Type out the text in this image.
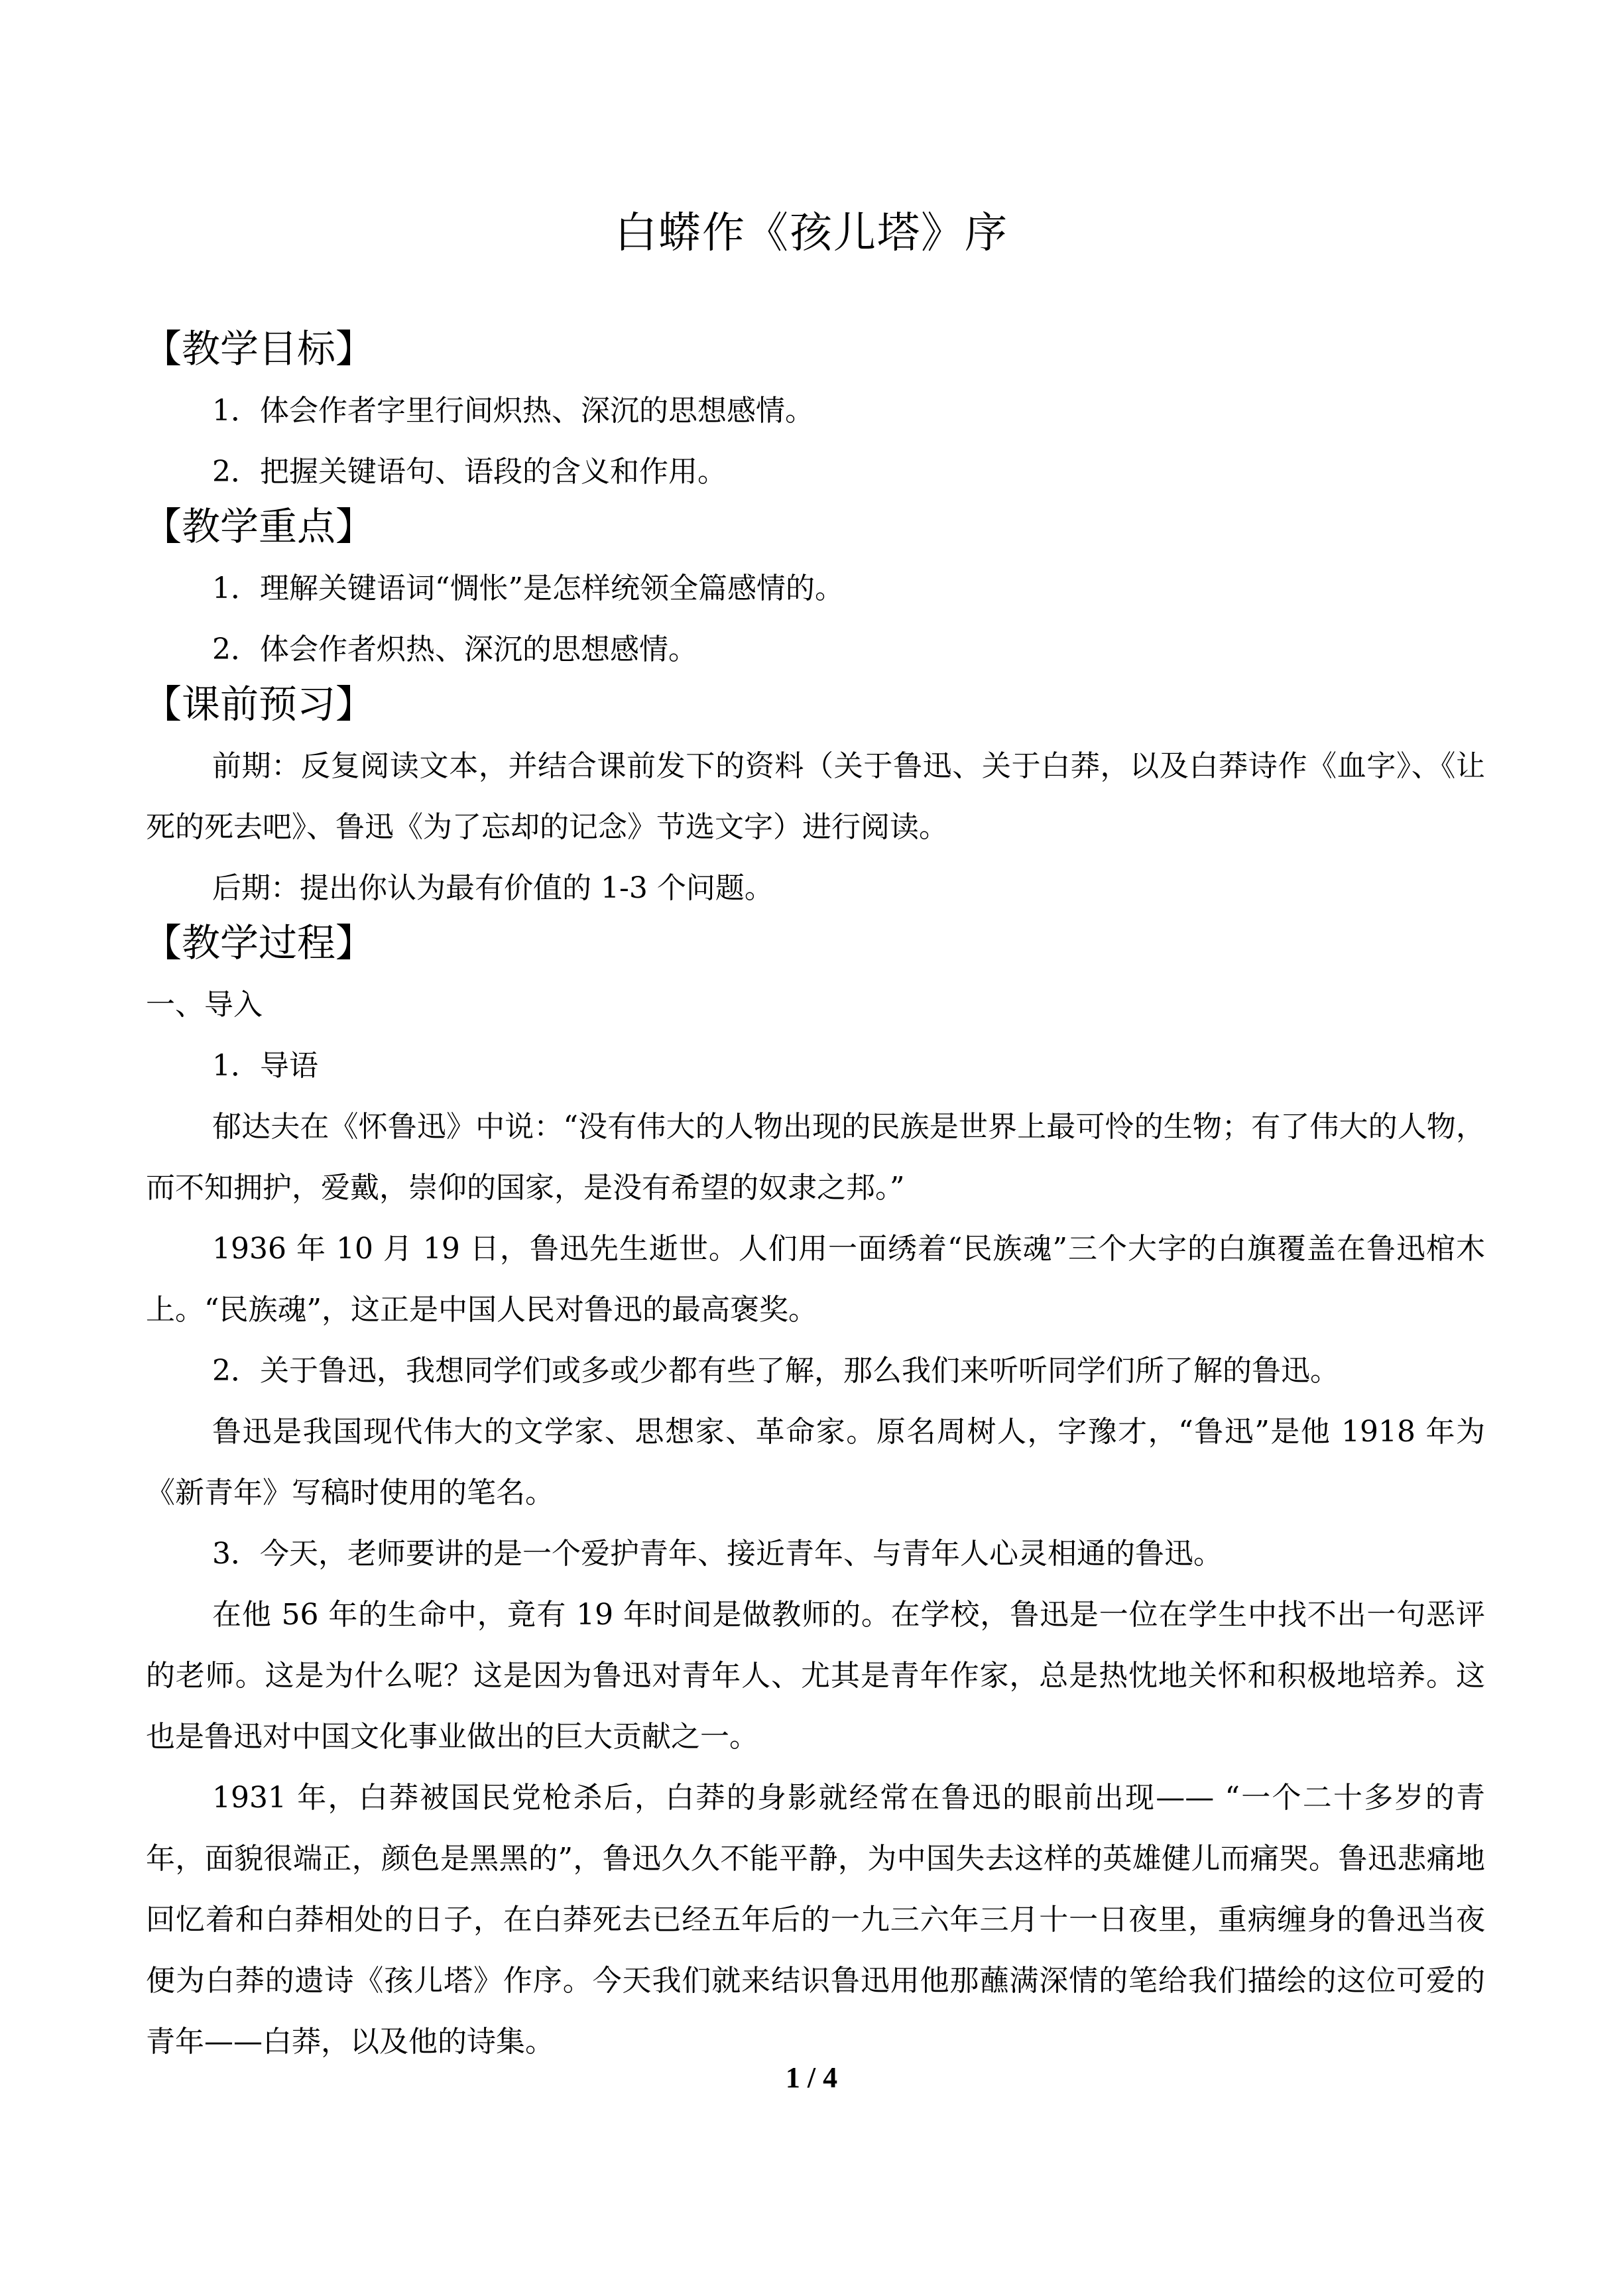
白蟒作《孩儿塔》序
【教学目标】
1．体会作者字里行间炽热、深沉的思想感情。
2．把握关键语句、语段的含义和作用。
【教学重点】
1．理解关键语词“惆怅”是怎样统领全篇感情的。
2．体会作者炽热、深沉的思想感情。
【课前预习】

前期：反复阅读文本，并结合课前发下的资料（关于鲁迅、关于白莽，以及白莽诗作《血字》、《让死的死去吧》、鲁迅《为了忘却的记念》节选文字）进行阅读。

后期：提出你认为最有价值的 1-3 个问题。

【教学过程】
一、导入
1．导语

郁达夫在《怀鲁迅》中说：“没有伟大的人物出现的民族是世界上最可怜的生物；有了伟大的人物，而不知拥护，爱戴，崇仰的国家，是没有希望的奴隶之邦。”

1936 年 10 月 19 日，鲁迅先生逝世。人们用一面绣着“民族魂”三个大字的白旗覆盖在鲁迅棺木上。“民族魂”，这正是中国人民对鲁迅的最高褒奖。

2．关于鲁迅，我想同学们或多或少都有些了解，那么我们来听听同学们所了解的鲁迅。

鲁迅是我国现代伟大的文学家、思想家、革命家。原名周树人，字豫才，“鲁迅”是他 1918 年为《新青年》写稿时使用的笔名。

3．今天，老师要讲的是一个爱护青年、接近青年、与青年人心灵相通的鲁迅。

在他 56 年的生命中，竟有 19 年时间是做教师的。在学校，鲁迅是一位在学生中找不出一句恶评的老师。这是为什么呢？这是因为鲁迅对青年人、尤其是青年作家，总是热忱地关怀和积极地培养。这也是鲁迅对中国文化事业做出的巨大贡献之一。

1931 年，白莽被国民党枪杀后，白莽的身影就经常在鲁迅的眼前出现—— “一个二十多岁的青年，面貌很端正，颜色是黑黑的”，鲁迅久久不能平静，为中国失去这样的英雄健儿而痛哭。鲁迅悲痛地回忆着和白莽相处的日子，在白莽死去已经五年后的一九三六年三月十一日夜里，重病缠身的鲁迅当夜便为白莽的遗诗《孩儿塔》作序。今天我们就来结识鲁迅用他那蘸满深情的笔给我们描绘的这位可爱的青年——白莽，以及他的诗集。

1 / 4
